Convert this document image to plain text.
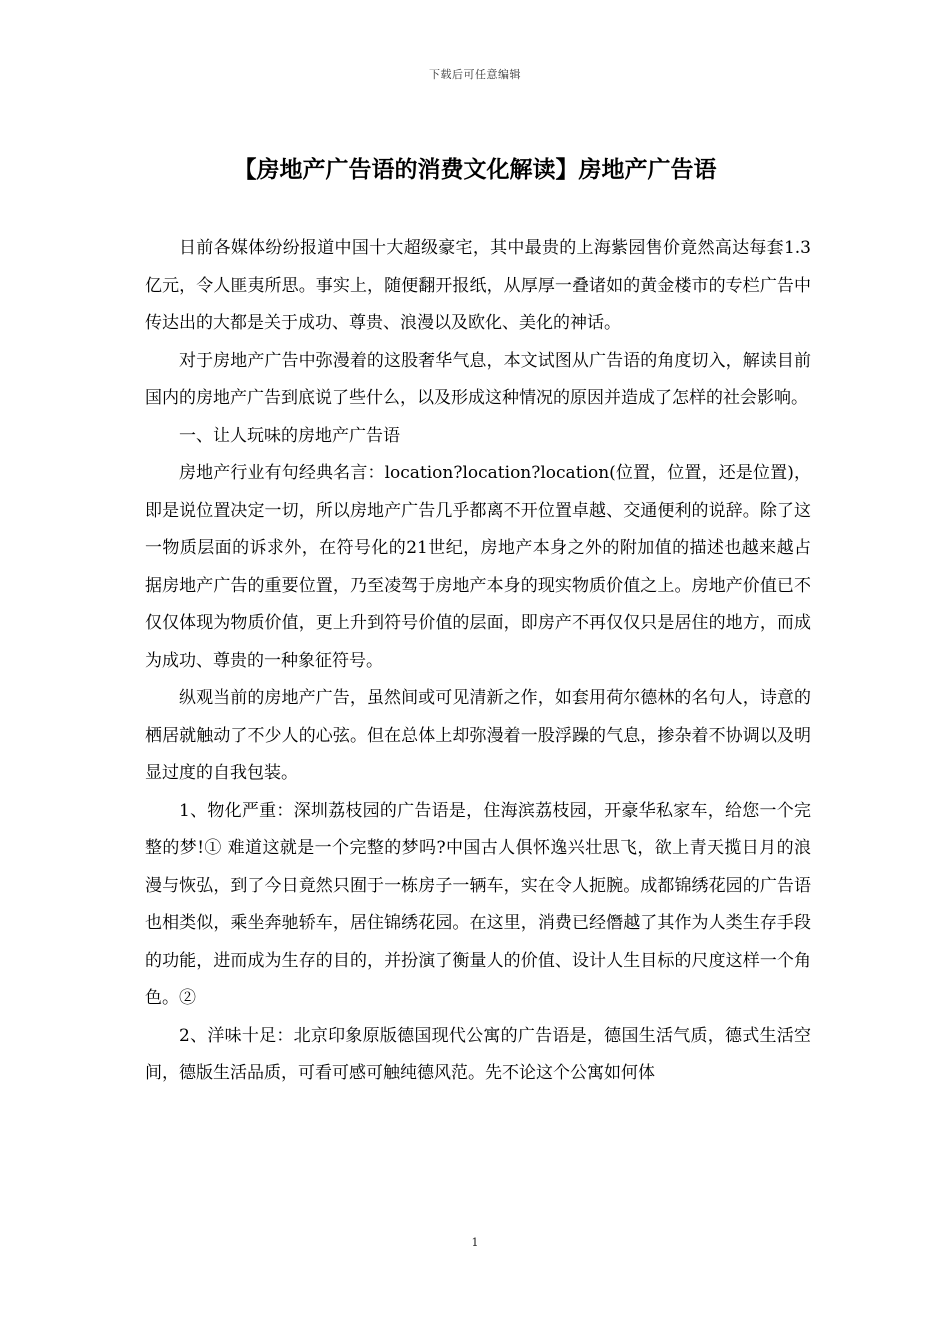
下载后可任意编辑
【房地产广告语的消费文化解读】房地产广告语

日前各媒体纷纷报道中国十大超级豪宅，其中最贵的上海紫园售价竟然高达每套1.3亿元，令人匪夷所思。事实上，随便翻开报纸，从厚厚一叠诸如的黄金楼市的专栏广告中传达出的大都是关于成功、尊贵、浪漫以及欧化、美化的神话。

对于房地产广告中弥漫着的这股奢华气息，本文试图从广告语的角度切入，解读目前国内的房地产广告到底说了些什么，以及形成这种情况的原因并造成了怎样的社会影响。

一、让人玩味的房地产广告语

房地产行业有句经典名言：location?location?location(位置，位置，还是位置)，即是说位置决定一切，所以房地产广告几乎都离不开位置卓越、交通便利的说辞。除了这一物质层面的诉求外，在符号化的21世纪，房地产本身之外的附加值的描述也越来越占据房地产广告的重要位置，乃至凌驾于房地产本身的现实物质价值之上。房地产价值已不仅仅体现为物质价值，更上升到符号价值的层面，即房产不再仅仅只是居住的地方，而成为成功、尊贵的一种象征符号。

纵观当前的房地产广告，虽然间或可见清新之作，如套用荷尔德林的名句人，诗意的栖居就触动了不少人的心弦。但在总体上却弥漫着一股浮躁的气息，掺杂着不协调以及明显过度的自我包装。

1、物化严重：深圳荔枝园的广告语是，住海滨荔枝园，开豪华私家车，给您一个完整的梦!① 难道这就是一个完整的梦吗?中国古人俱怀逸兴壮思飞，欲上青天揽日月的浪漫与恢弘，到了今日竟然只囿于一栋房子一辆车，实在令人扼腕。成都锦绣花园的广告语也相类似，乘坐奔驰轿车，居住锦绣花园。在这里，消费已经僭越了其作为人类生存手段的功能，进而成为生存的目的，并扮演了衡量人的价值、设计人生目标的尺度这样一个角色。②

2、洋味十足：北京印象原版德国现代公寓的广告语是，德国生活气质，德式生活空间，德版生活品质，可看可感可触纯德风范。先不论这个公寓如何体

1
